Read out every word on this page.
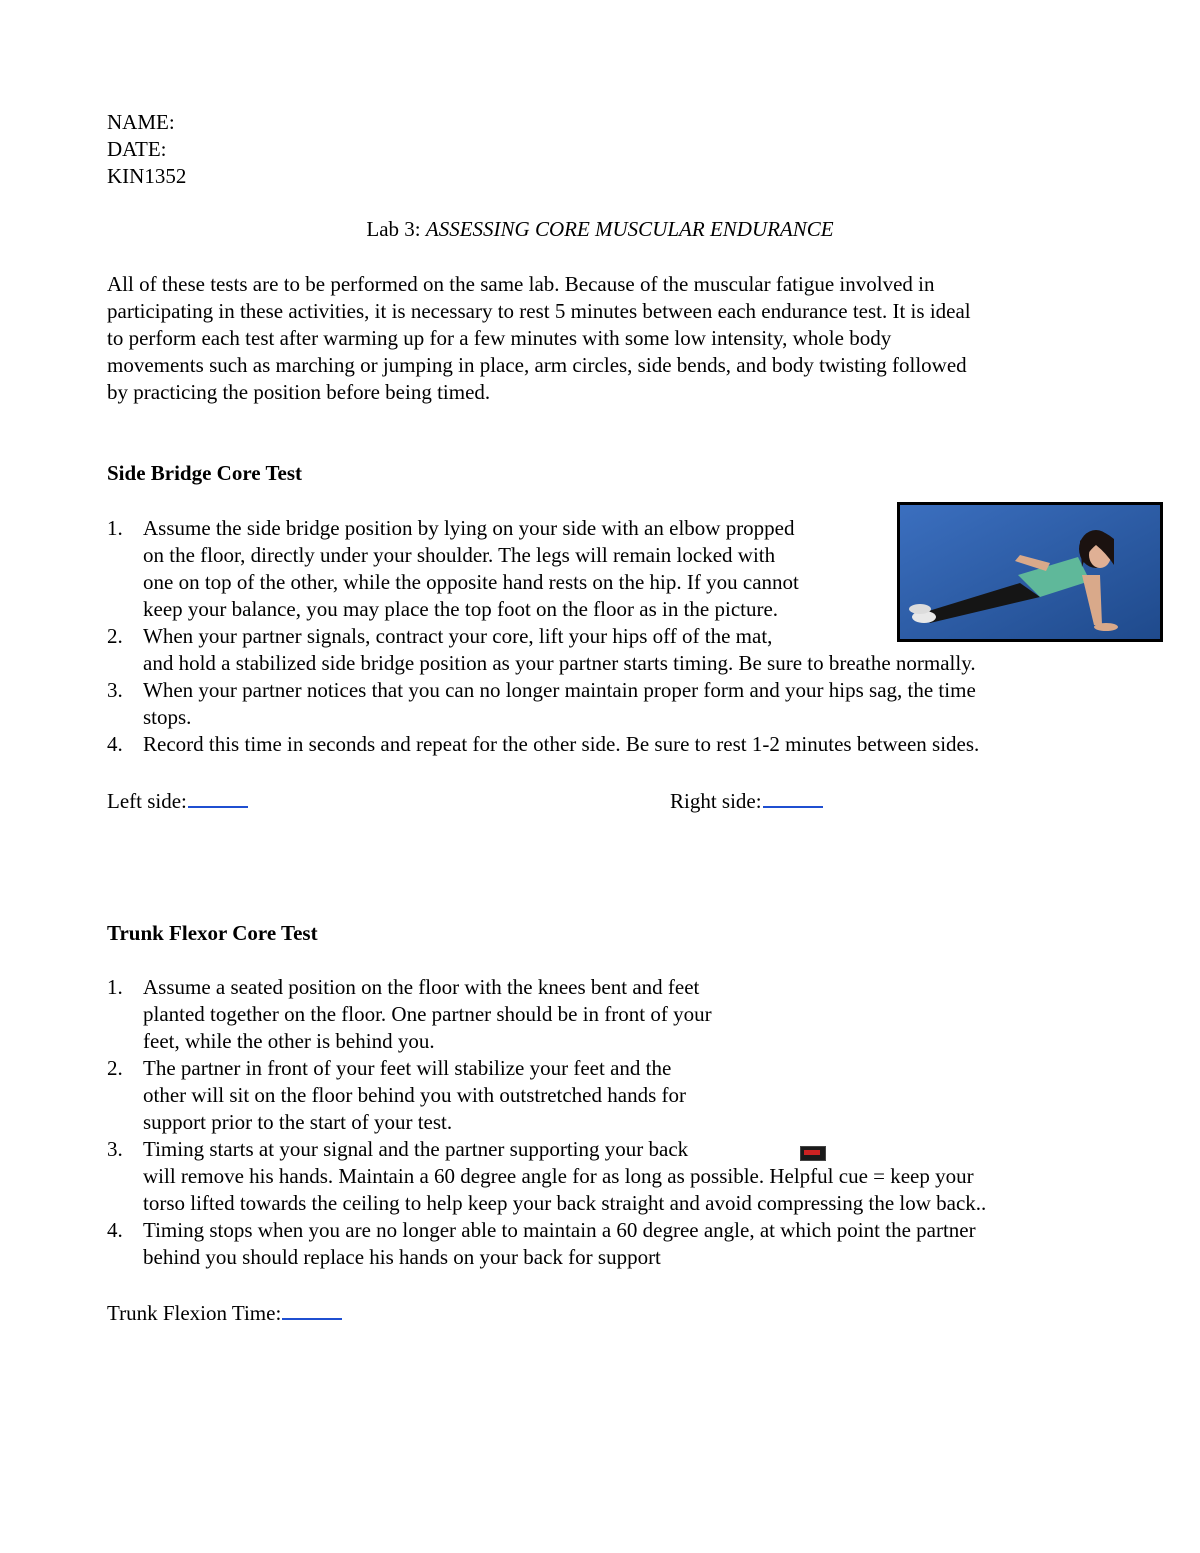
NAME:
DATE:
KIN1352
Lab 3: ASSESSING CORE MUSCULAR ENDURANCE
All of these tests are to be performed on the same lab. Because of the muscular fatigue involved in
participating in these activities, it is necessary to rest 5 minutes between each endurance test. It is ideal
to perform each test after warming up for a few minutes with some low intensity, whole body
movements such as marching or jumping in place, arm circles, side bends, and body twisting followed
by practicing the position before being timed.
Side Bridge Core Test
1. Assume the side bridge position by lying on your side with an elbow propped
on the floor, directly under your shoulder. The legs will remain locked with
one on top of the other, while the opposite hand rests on the hip. If you cannot
keep your balance, you may place the top foot on the floor as in the picture.
2. When your partner signals, contract your core, lift your hips off of the mat,
and hold a stabilized side bridge position as your partner starts timing. Be sure to breathe normally.
3. When your partner notices that you can no longer maintain proper form and your hips sag, the time
stops.
4. Record this time in seconds and repeat for the other side. Be sure to rest 1-2 minutes between sides.
Left side:	Right side:
Trunk Flexor Core Test
1. Assume a seated position on the floor with the knees bent and feet
planted together on the floor. One partner should be in front of your
feet, while the other is behind you.
2. The partner in front of your feet will stabilize your feet and the
other will sit on the floor behind you with outstretched hands for
support prior to the start of your test.
3. Timing starts at your signal and the partner supporting your back
will remove his hands. Maintain a 60 degree angle for as long as possible. Helpful cue = keep your
torso lifted towards the ceiling to help keep your back straight and avoid compressing the low back..
4. Timing stops when you are no longer able to maintain a 60 degree angle, at which point the partner
behind you should replace his hands on your back for support
Trunk Flexion Time:
